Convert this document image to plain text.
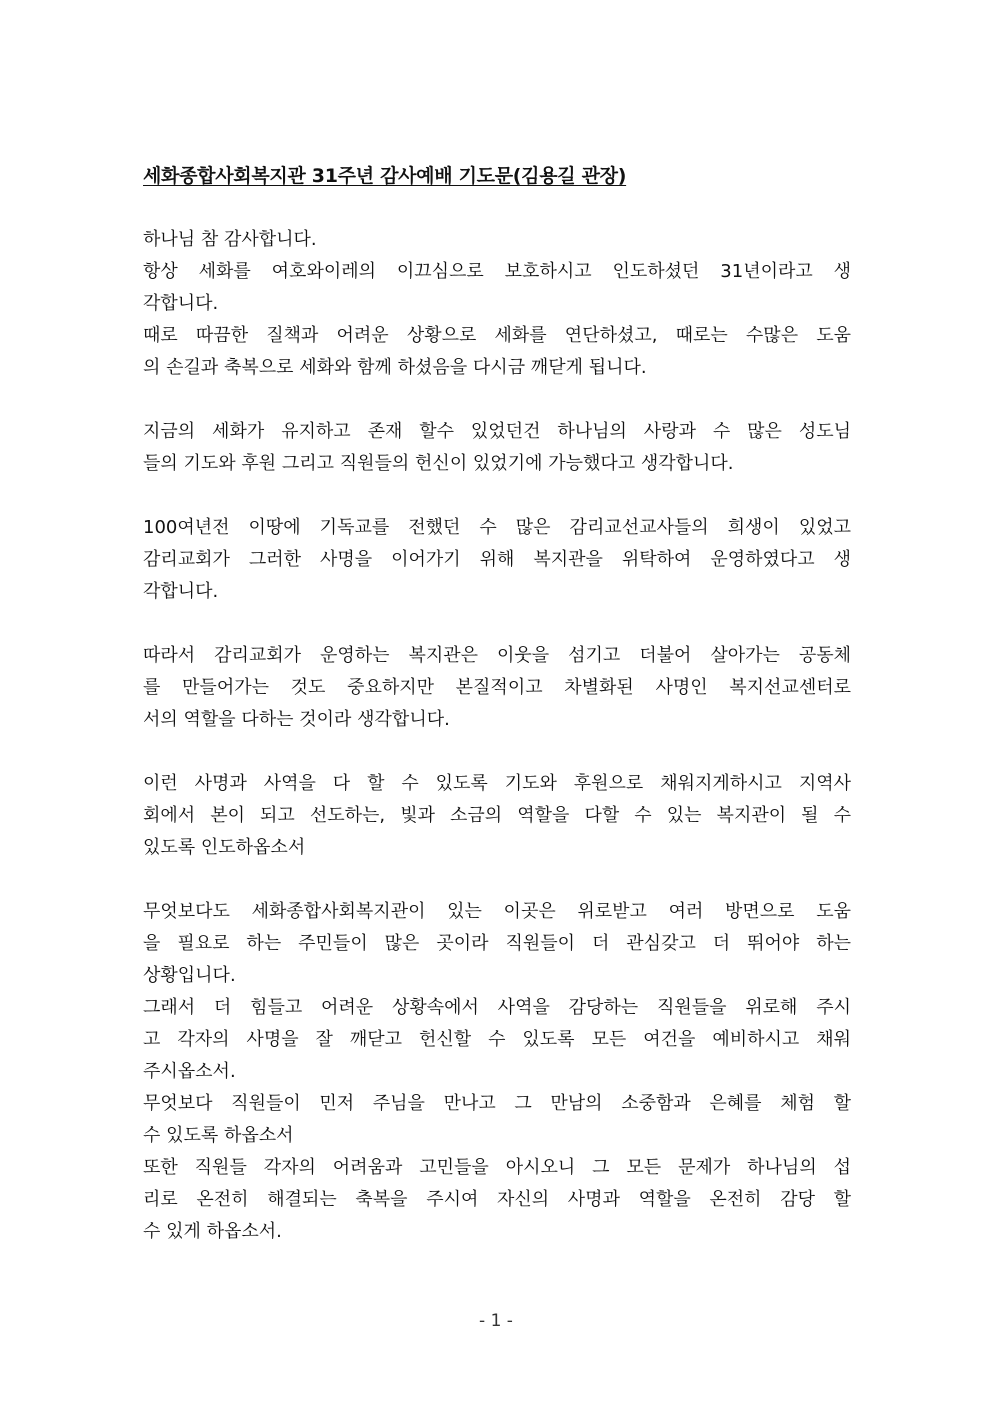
세화종합사회복지관 31주년 감사예배 기도문(김용길 관장)
하나님 참 감사합니다.
항상 세화를 여호와이레의 이끄심으로 보호하시고 인도하셨던 31년이라고 생
각합니다.
때로 따끔한 질책과 어려운 상황으로 세화를 연단하셨고, 때로는 수많은 도움
의 손길과 축복으로 세화와 함께 하셨음을 다시금 깨닫게 됩니다.
지금의 세화가 유지하고 존재 할수 있었던건 하나님의 사랑과 수 많은 성도님
들의 기도와 후원 그리고 직원들의 헌신이 있었기에 가능했다고 생각합니다.
100여년전 이땅에 기독교를 전했던 수 많은 감리교선교사들의 희생이 있었고
감리교회가 그러한 사명을 이어가기 위해 복지관을 위탁하여 운영하였다고 생
각합니다.
따라서 감리교회가 운영하는 복지관은 이웃을 섬기고 더불어 살아가는 공동체
를 만들어가는 것도 중요하지만 본질적이고 차별화된 사명인 복지선교센터로
서의 역할을 다하는 것이라 생각합니다.
이런 사명과 사역을 다 할 수 있도록 기도와 후원으로 채워지게하시고 지역사
회에서 본이 되고 선도하는, 빛과 소금의 역할을 다할 수 있는 복지관이 될 수
있도록 인도하옵소서
무엇보다도 세화종합사회복지관이 있는 이곳은 위로받고 여러 방면으로 도움
을 필요로 하는 주민들이 많은 곳이라 직원들이 더 관심갖고 더 뛰어야 하는
상황입니다.
그래서 더 힘들고 어려운 상황속에서 사역을 감당하는 직원들을 위로해 주시
고 각자의 사명을 잘 깨닫고 헌신할 수 있도록 모든 여건을 예비하시고 채워
주시옵소서.
무엇보다 직원들이 민저 주님을 만나고 그 만남의 소중함과 은혜를 체험 할
수 있도록 하옵소서
또한 직원들 각자의 어려움과 고민들을 아시오니 그 모든 문제가 하나님의 섭
리로 온전히 해결되는 축복을 주시여 자신의 사명과 역할을 온전히 감당 할
수 있게 하옵소서.
- 1 -
